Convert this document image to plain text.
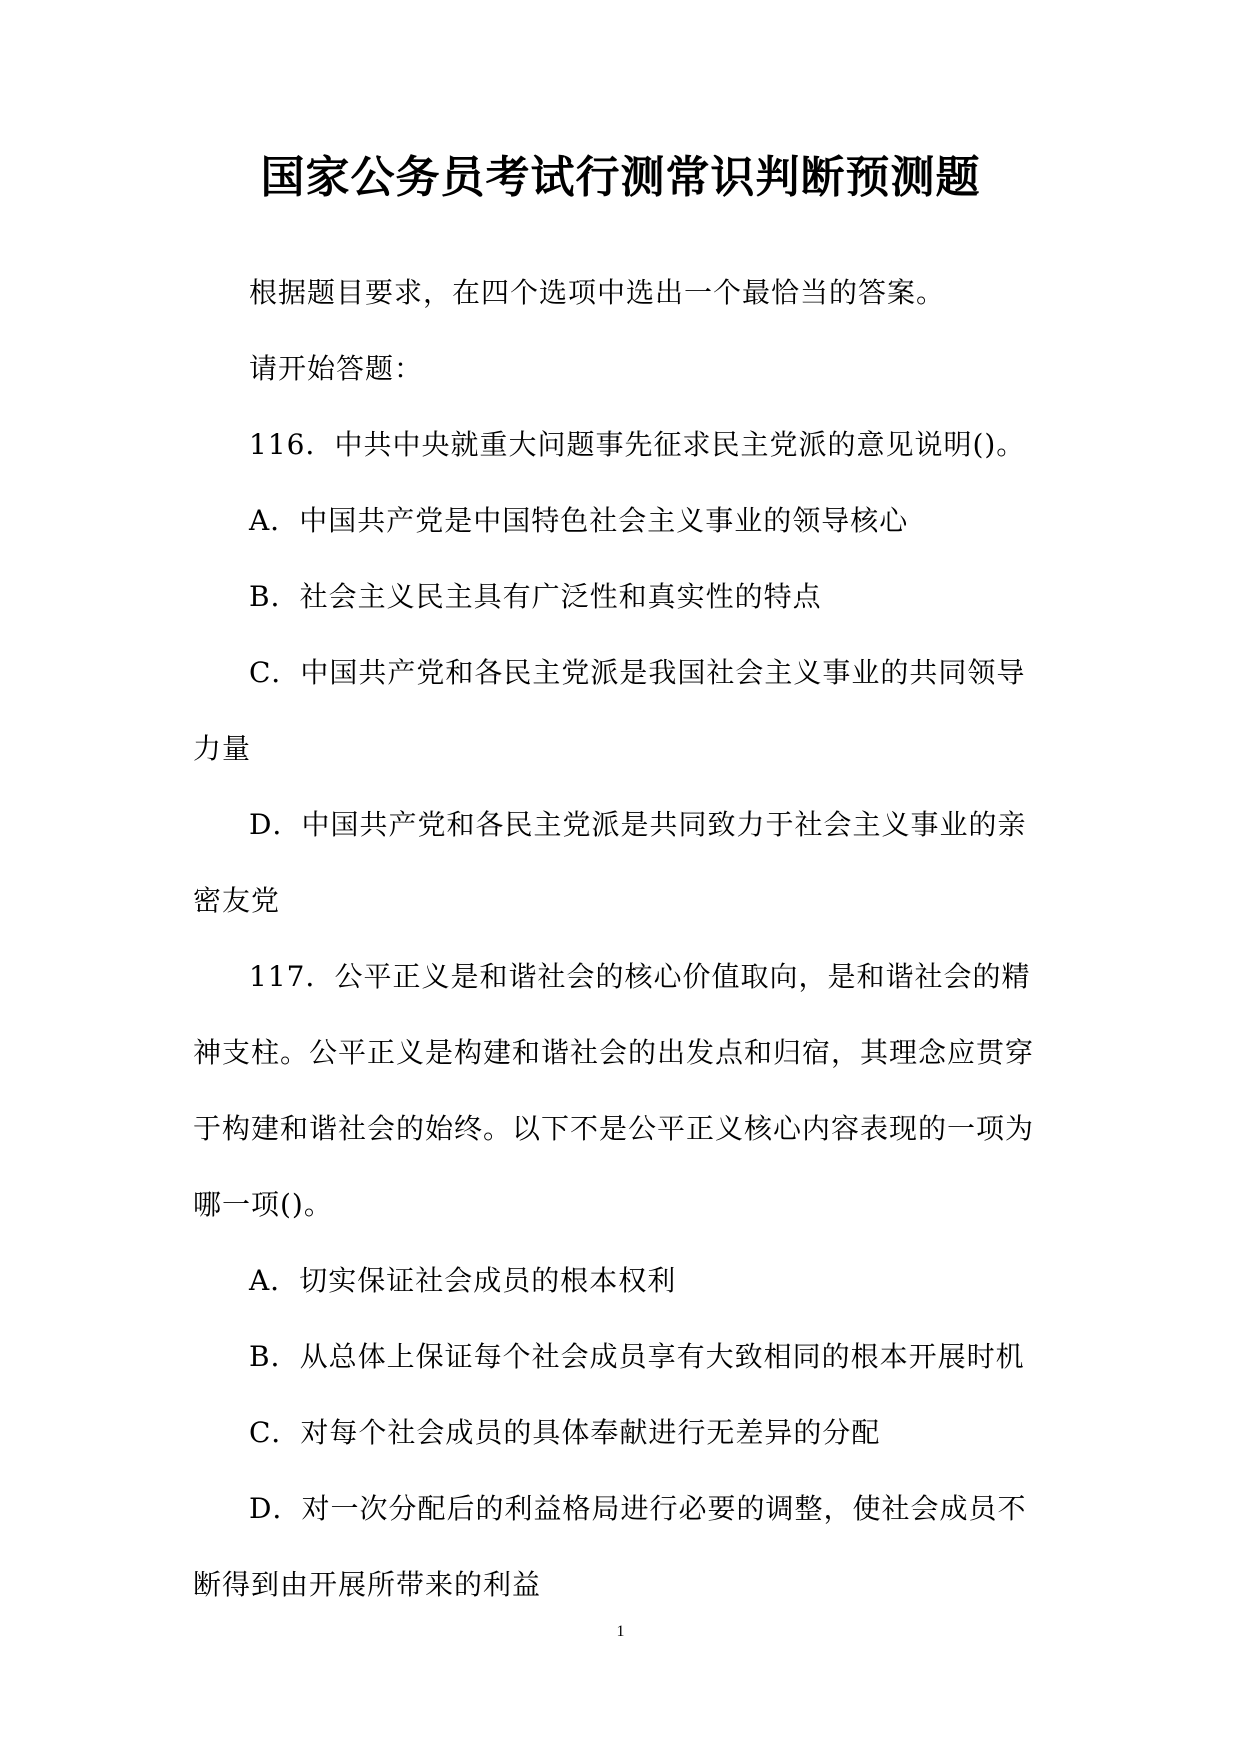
国家公务员考试行测常识判断预测题

根据题目要求，在四个选项中选出一个最恰当的答案。

请开始答题：

116．中共中央就重大问题事先征求民主党派的意见说明()。

A．中国共产党是中国特色社会主义事业的领导核心

B．社会主义民主具有广泛性和真实性的特点

C．中国共产党和各民主党派是我国社会主义事业的共同领导力量

D．中国共产党和各民主党派是共同致力于社会主义事业的亲密友党

117．公平正义是和谐社会的核心价值取向，是和谐社会的精神支柱。公平正义是构建和谐社会的出发点和归宿，其理念应贯穿于构建和谐社会的始终。以下不是公平正义核心内容表现的一项为哪一项()。

A．切实保证社会成员的根本权利

B．从总体上保证每个社会成员享有大致相同的根本开展时机

C．对每个社会成员的具体奉献进行无差异的分配

D．对一次分配后的利益格局进行必要的调整，使社会成员不断得到由开展所带来的利益

1
